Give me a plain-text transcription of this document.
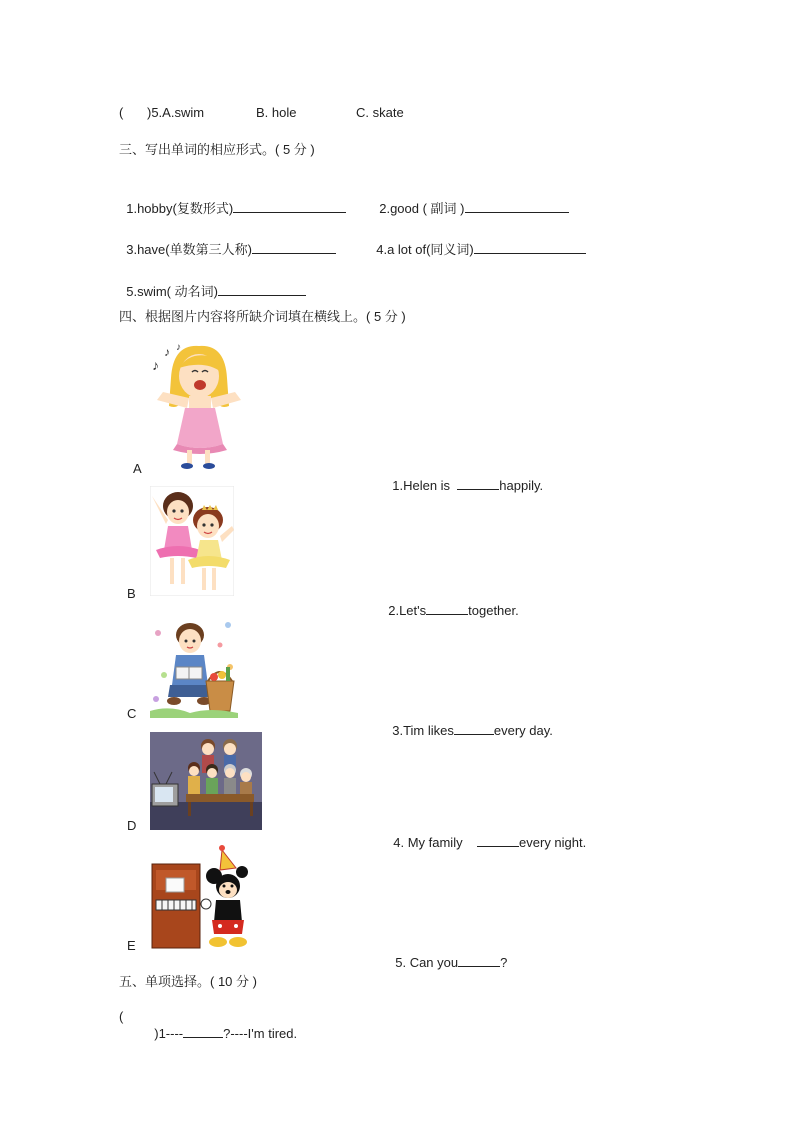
( )5.A.swim	B. hole	C. skate
三、写出单词的相应形式。( 5 分 )

1.hobby(复数形式)	2.good ( 副词 )

3.have(单数第三人称)	4.a lot of(同义词)

5.swim( 动名词)

四、根据图片内容将所缺介词填在横线上。( 5 分 )
♪
♪ ♪
A

1.Helen is	happily.

B

2.Let's	together.

C

3.Tim likes	every day.

D

4. My family	every night.

E

5. Can you	?

五、单项选择。( 10 分 )
(

)1----	?----I'm tired.
